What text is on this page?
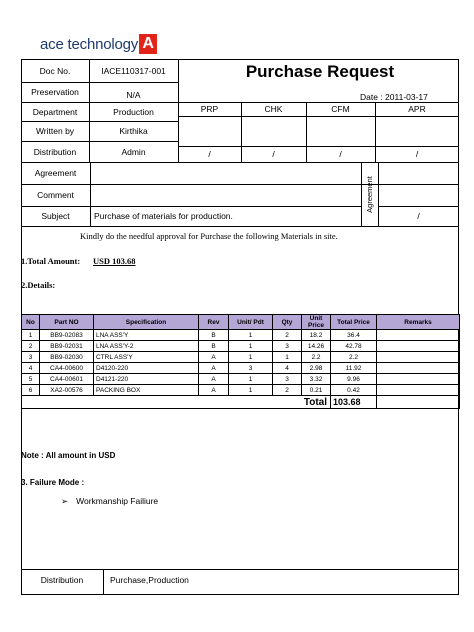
ace technology A
Purchase Request
Date : 2011-03-17
Doc No.	IACE110317-001
Preservation	N/A
Department	Production
Written by	Kirthika
Distribution	Admin
PRP	CHK	CFM	APR
/	/	/	/
Agreement
Comment
Subject	Purchase of materials for production.
Agreement
/
Kindly do the needful approval for Purchase the following Materials in site.
1.Total Amount: USD 103.68
2.Details:
No	Part NO	Specification	Rev	Unit/ Pdt	Qty	Unit Price	Total Price	Remarks
1	BB9-02083	LNA ASS'Y	B	1	2	18.2	36.4	
2	BB9-02031	LNA ASS'Y-2	B	1	3	14.26	42.78	
3	BB9-02030	CTRL ASS'Y	A	1	1	2.2	2.2	
4	CA4-00600	D4120-220	A	3	4	2.98	11.92	
5	CA4-00601	D4121-220	A	1	3	3.32	9.96	
6	XA2-00576	PACKING BOX	A	1	2	0.21	0.42	
Total							103.68	
Note : All amount in USD
3. Failure Mode :
➢ Workmanship Failiure
Distribution	Purchase,Production
